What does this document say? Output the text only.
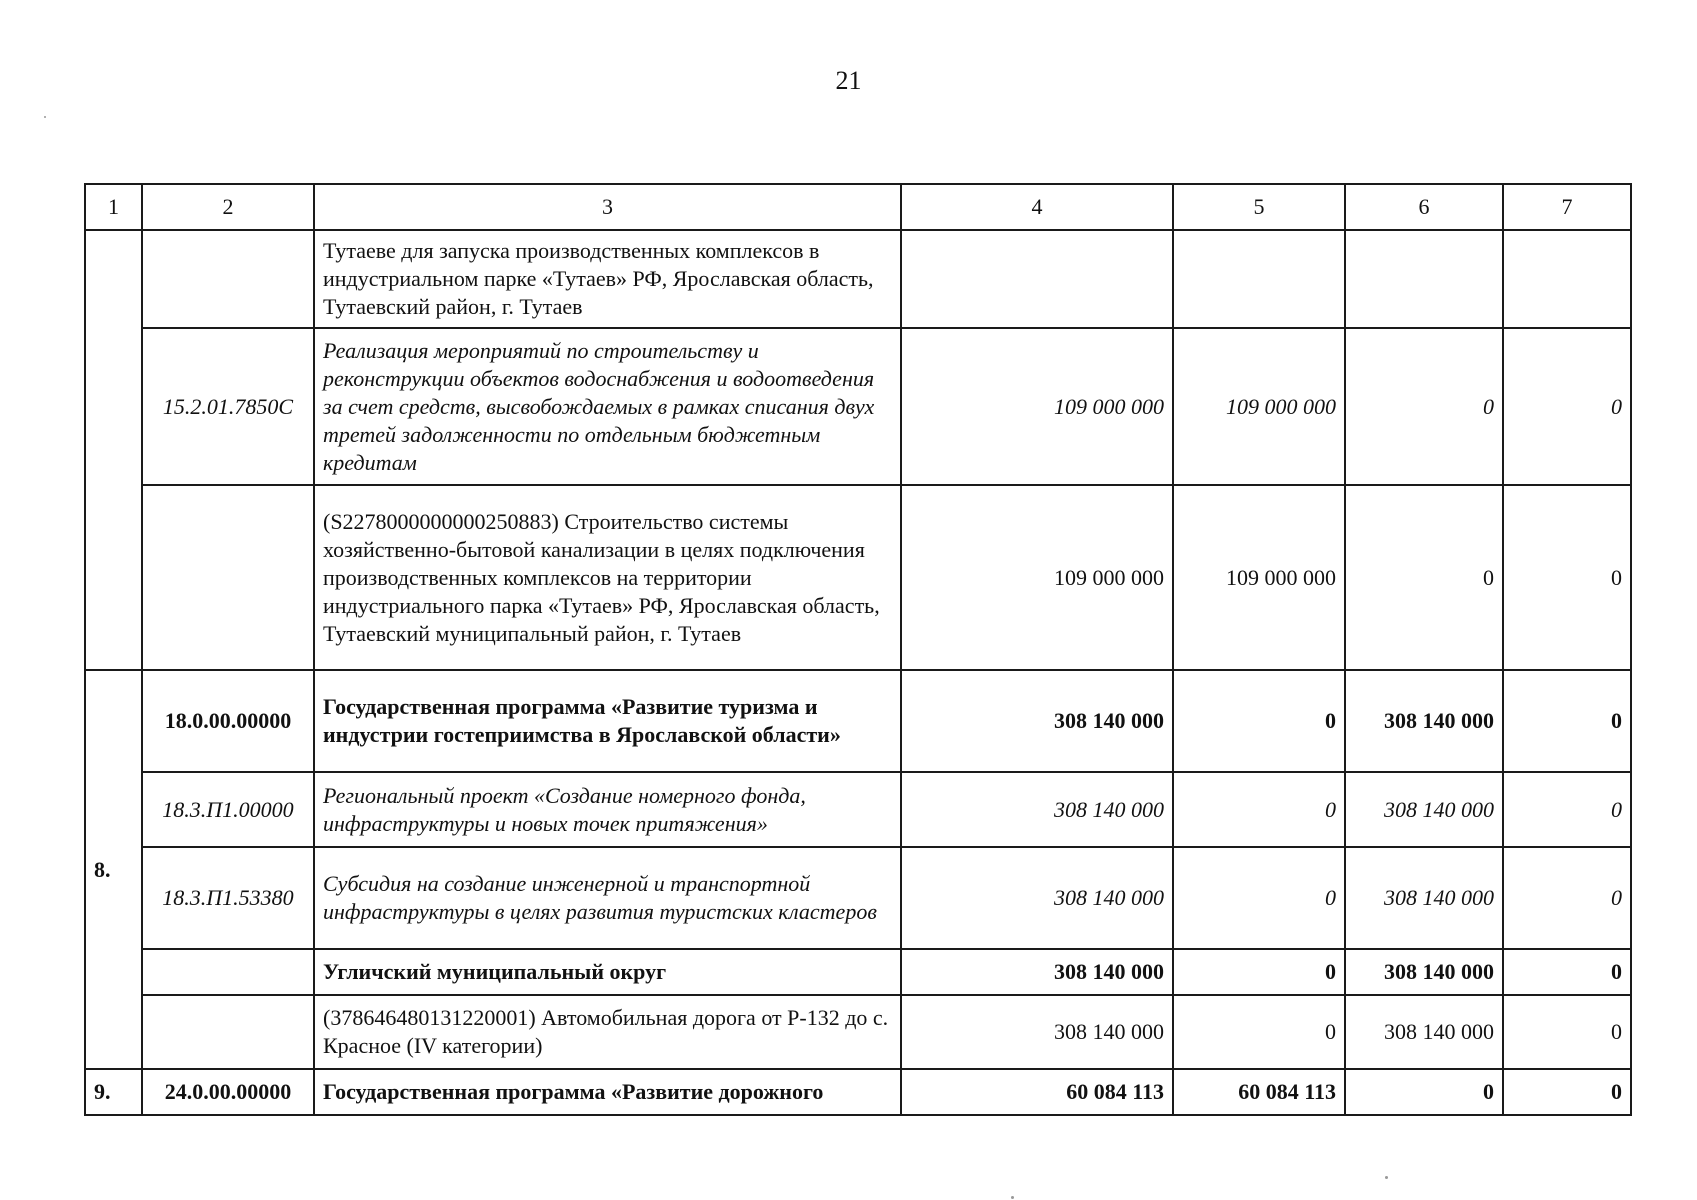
21
1	2	3	4	5	6	7
		Тутаеве для запуска производственных комплексов в индустриальном парке «Тутаев» РФ, Ярославская область, Тутаевский район, г. Тутаев				
	15.2.01.7850С	Реализация мероприятий по строительству и реконструкции объектов водоснабжения и водоотведения за счет средств, высвобождаемых в рамках списания двух третей задолженности по отдельным бюджетным кредитам	109 000 000	109 000 000	0	0
		(S2278000000000250883) Строительство системы хозяйственно-бытовой канализации в целях подключения производственных комплексов на территории индустриального парка «Тутаев» РФ, Ярославская область, Тутаевский муниципальный район, г. Тутаев	109 000 000	109 000 000	0	0
8.	18.0.00.00000	Государственная программа «Развитие туризма и индустрии гостеприимства в Ярославской области»	308 140 000	0	308 140 000	0
	18.3.П1.00000	Региональный проект «Создание номерного фонда, инфраструктуры и новых точек притяжения»	308 140 000	0	308 140 000	0
	18.3.П1.53380	Субсидия на создание инженерной и транспортной инфраструктуры в целях развития туристских кластеров	308 140 000	0	308 140 000	0
		Угличский муниципальный округ	308 140 000	0	308 140 000	0
		(378646480131220001) Автомобильная дорога от Р-132 до с. Красное (IV категории)	308 140 000	0	308 140 000	0
9.	24.0.00.00000	Государственная программа «Развитие дорожного	60 084 113	60 084 113	0	0
